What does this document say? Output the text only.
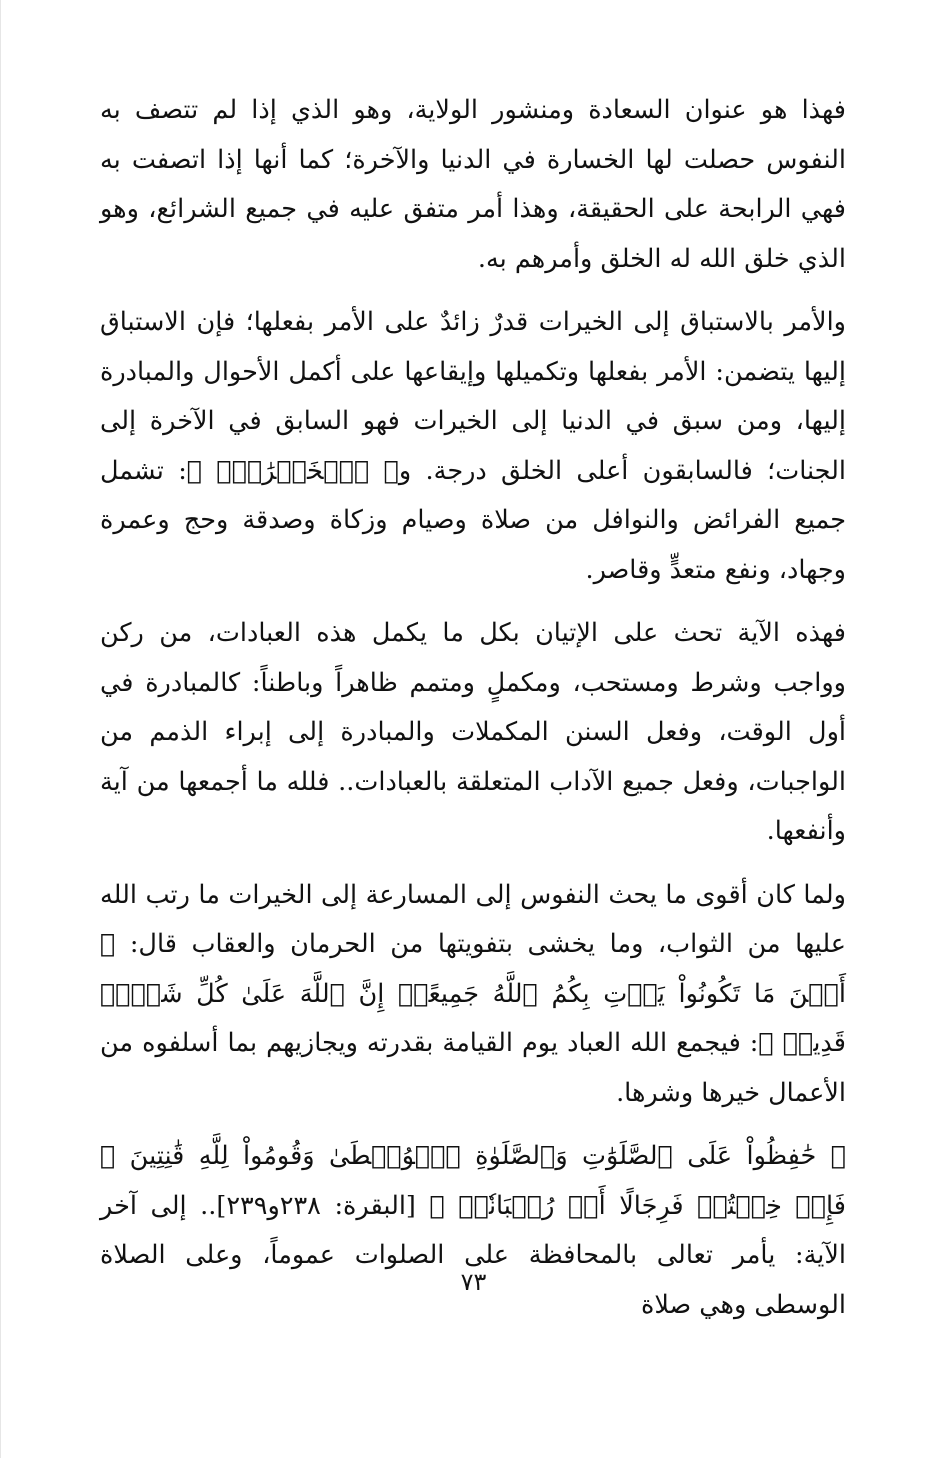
فهذا هو عنوان السعادة ومنشور الولاية، وهو الذي إذا لم تتصف به النفوس حصلت لها الخسارة في الدنيا والآخرة؛ كما أنها إذا اتصفت به فهي الرابحة على الحقيقة، وهذا أمر متفق عليه في جميع الشرائع، وهو الذي خلق الله له الخلق وأمرهم به.

والأمر بالاستباق إلى الخيرات قدرٌ زائدٌ على الأمر بفعلها؛ فإن الاستباق إليها يتضمن: الأمر بفعلها وتكميلها وإيقاعها على أكمل الأحوال والمبادرة إليها، ومن سبق في الدنيا إلى الخيرات فهو السابق في الآخرة إلى الجنات؛ فالسابقون أعلى الخلق درجة. و﴿ ٱلۡخَيۡرَٰتِۚ ﴾: تشمل جميع الفرائض والنوافل من صلاة وصيام وزكاة وصدقة وحج وعمرة وجهاد، ونفع متعدٍّ وقاصر.

فهذه الآية تحث على الإتيان بكل ما يكمل هذه العبادات، من ركن وواجب وشرط ومستحب، ومكملٍ ومتمم ظاهراً وباطناً: كالمبادرة في أول الوقت، وفعل السنن المكملات والمبادرة إلى إبراء الذمم من الواجبات، وفعل جميع الآداب المتعلقة بالعبادات.. فلله ما أجمعها من آية وأنفعها.

ولما كان أقوى ما يحث النفوس إلى المسارعة إلى الخيرات ما رتب الله عليها من الثواب، وما يخشى بتفويتها من الحرمان والعقاب قال: ﴿ أَيۡنَ مَا تَكُونُواْ يَأۡتِ بِكُمُ ٱللَّهُ جَمِيعًاۚ إِنَّ ٱللَّهَ عَلَىٰ كُلِّ شَيۡءٖ قَدِيرٞ ﴾: فيجمع الله العباد يوم القيامة بقدرته ويجازيهم بما أسلفوه من الأعمال خيرها وشرها.

﴿ حَٰفِظُواْ عَلَى ٱلصَّلَوَٰتِ وَٱلصَّلَوٰةِ ٱلۡوُسۡطَىٰ وَقُومُواْ لِلَّهِ قَٰنِتِينَ ۞ فَإِنۡ خِفۡتُمۡ فَرِجَالًا أَوۡ رُكۡبَانٗاۖ ﴾ [البقرة: ٢٣٨و٢٣٩].. إلى آخر الآية: يأمر تعالى بالمحافظة على الصلوات عموماً، وعلى الصلاة الوسطى وهي صلاة

٧٣
